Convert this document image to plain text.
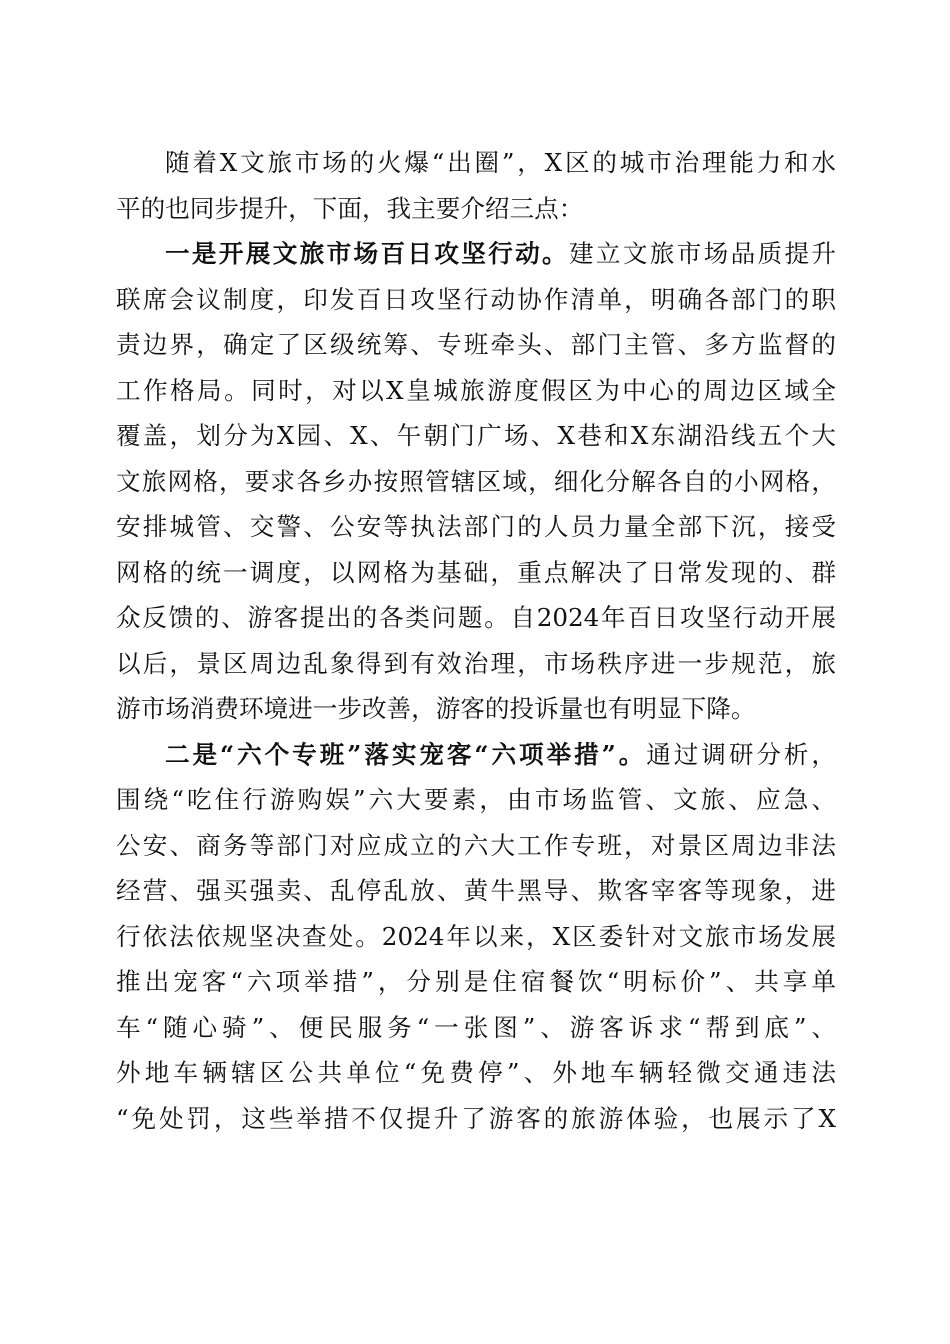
随着X文旅市场的火爆“出圈”，X区的城市治理能力和水
平的也同步提升，下面，我主要介绍三点：
一是开展文旅市场百日攻坚行动。建立文旅市场品质提升
联席会议制度，印发百日攻坚行动协作清单，明确各部门的职
责边界，确定了区级统筹、专班牵头、部门主管、多方监督的
工作格局。同时，对以X皇城旅游度假区为中心的周边区域全
覆盖，划分为X园、X、午朝门广场、X巷和X东湖沿线五个大
文旅网格，要求各乡办按照管辖区域，细化分解各自的小网格，
安排城管、交警、公安等执法部门的人员力量全部下沉，接受
网格的统一调度，以网格为基础，重点解决了日常发现的、群
众反馈的、游客提出的各类问题。自2024年百日攻坚行动开展
以后，景区周边乱象得到有效治理，市场秩序进一步规范，旅
游市场消费环境进一步改善，游客的投诉量也有明显下降。
二是“六个专班”落实宠客“六项举措”。通过调研分析，
围绕“吃住行游购娱”六大要素，由市场监管、文旅、应急、
公安、商务等部门对应成立的六大工作专班，对景区周边非法
经营、强买强卖、乱停乱放、黄牛黑导、欺客宰客等现象，进
行依法依规坚决查处。2024年以来，X区委针对文旅市场发展
推出宠客“六项举措”，分别是住宿餐饮“明标价”、共享单
车“随心骑”、便民服务“一张图”、游客诉求“帮到底”、
外地车辆辖区公共单位“免费停”、外地车辆轻微交通违法
“免处罚，这些举措不仅提升了游客的旅游体验，也展示了X
